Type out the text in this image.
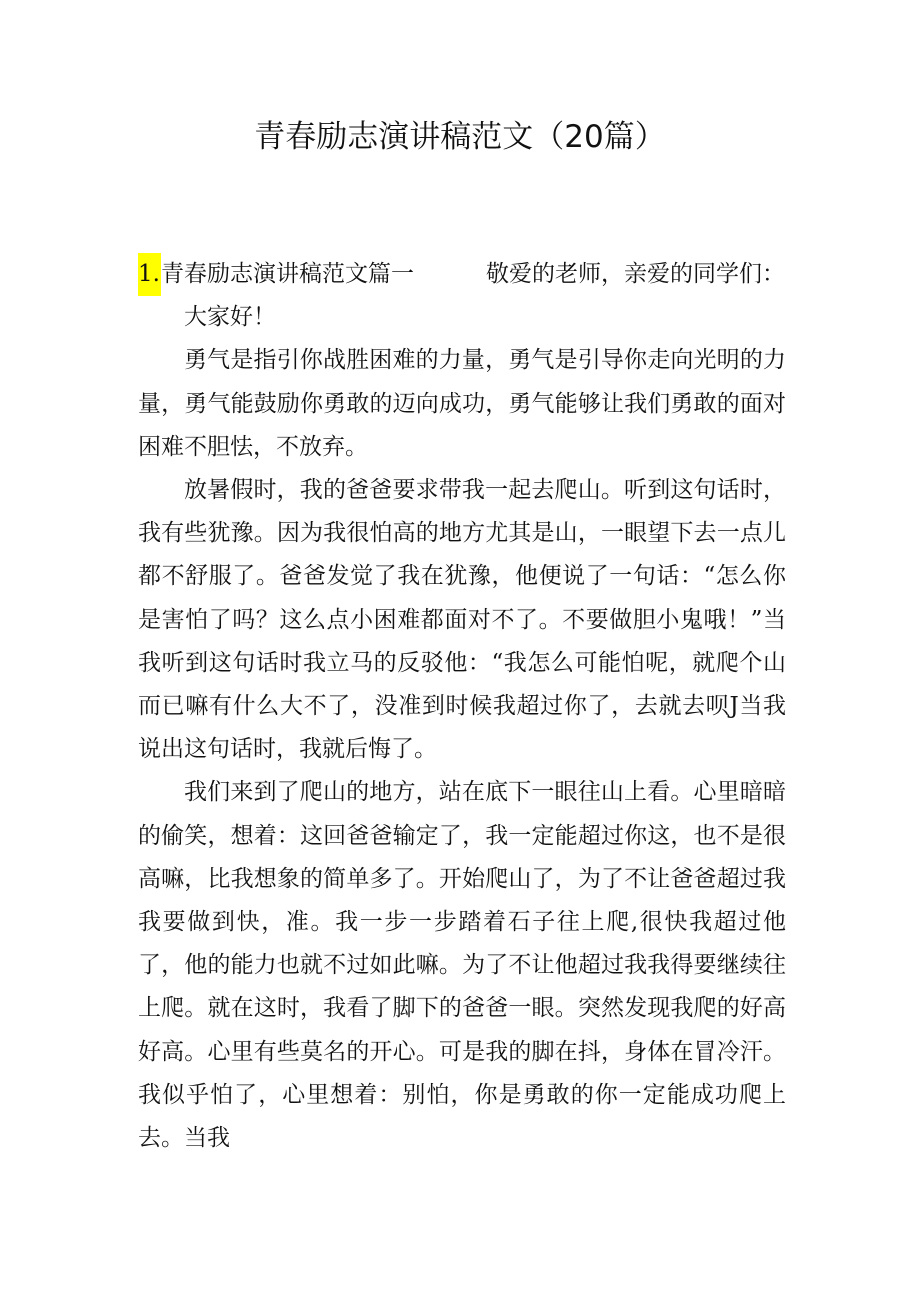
青春励志演讲稿范文（20篇）

1.青春励志演讲稿范文篇一	敬爱的老师，亲爱的同学们：

大家好！

勇气是指引你战胜困难的力量，勇气是引导你走向光明的力量，勇气能鼓励你勇敢的迈向成功，勇气能够让我们勇敢的面对困难不胆怯，不放弃。

放暑假时，我的爸爸要求带我一起去爬山。听到这句话时，我有些犹豫。因为我很怕高的地方尤其是山，一眼望下去一点儿都不舒服了。爸爸发觉了我在犹豫，他便说了一句话：“怎么你是害怕了吗？这么点小困难都面对不了。不要做胆小鬼哦！”当我听到这句话时我立马的反驳他：“我怎么可能怕呢，就爬个山而已嘛有什么大不了，没准到时候我超过你了，去就去呗J当我说出这句话时，我就后悔了。

我们来到了爬山的地方，站在底下一眼往山上看。心里暗暗的偷笑，想着：这回爸爸输定了，我一定能超过你这，也不是很高嘛，比我想象的简单多了。开始爬山了，为了不让爸爸超过我我要做到快，准。我一步一步踏着石子往上爬,很快我超过他了，他的能力也就不过如此嘛。为了不让他超过我我得要继续往上爬。就在这时，我看了脚下的爸爸一眼。突然发现我爬的好高好高。心里有些莫名的开心。可是我的脚在抖，身体在冒冷汗。我似乎怕了，心里想着：别怕，你是勇敢的你一定能成功爬上去。当我
